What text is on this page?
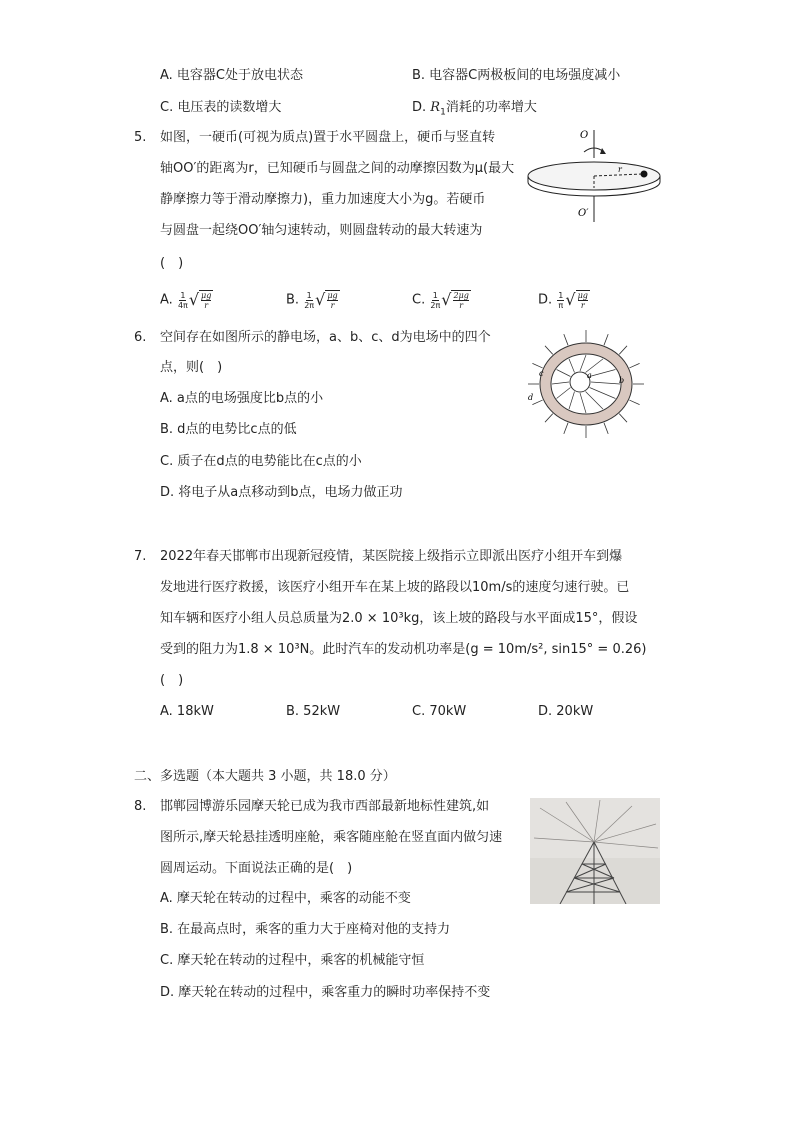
A. 电容器C处于放电状态	B. 电容器C两极板间的电场强度减小
C. 电压表的读数增大	D. $R_1$消耗的功率增大
5. 如图，一硬币(可视为质点)置于水平圆盘上，硬币与竖直转
轴OO′的距离为r，已知硬币与圆盘之间的动摩擦因数为μ(最大
静摩擦力等于滑动摩擦力)，重力加速度大小为g。若硬币
与圆盘一起绕OO′轴匀速转动，则圆盘转动的最大转速为
(　)
A. $\frac{1}{4\pi}$ √ $\frac{\mu g}{r}$	B. $\frac{1}{2\pi}$ √ $\frac{\mu g}{r}$	C. $\frac{1}{2\pi}$ √ $\frac{2\mu g}{r}$	D. $\frac{1}{\pi}$ √ $\frac{\mu g}{r}$
O
O′
r
6. 空间存在如图所示的静电场，a、b、c、d为电场中的四个
点，则(　)
A. a点的电场强度比b点的小
B. d点的电势比c点的低
C. 质子在d点的电势能比在c点的小
D. 将电子从a点移动到b点，电场力做正功
a
b
c
d
7. 2022年春天邯郸市出现新冠疫情，某医院接上级指示立即派出医疗小组开车到爆
发地进行医疗救援，该医疗小组开车在某上坡的路段以10m/s的速度匀速行驶。已
知车辆和医疗小组人员总质量为2.0 × 10³kg，该上坡的路段与水平面成15°，假设
受到的阻力为1.8 × 10³N。此时汽车的发动机功率是(g = 10m/s², sin15° = 0.26)
(　)
A. 18kW	B. 52kW	C. 70kW	D. 20kW
二、多选题（本大题共 3 小题，共 18.0 分）
8. 邯郸园博游乐园摩天轮已成为我市西部最新地标性建筑,如
图所示,摩天轮悬挂透明座舱，乘客随座舱在竖直面内做匀速
圆周运动。下面说法正确的是(　)
A. 摩天轮在转动的过程中，乘客的动能不变
B. 在最高点时，乘客的重力大于座椅对他的支持力
C. 摩天轮在转动的过程中，乘客的机械能守恒
D. 摩天轮在转动的过程中，乘客重力的瞬时功率保持不变
